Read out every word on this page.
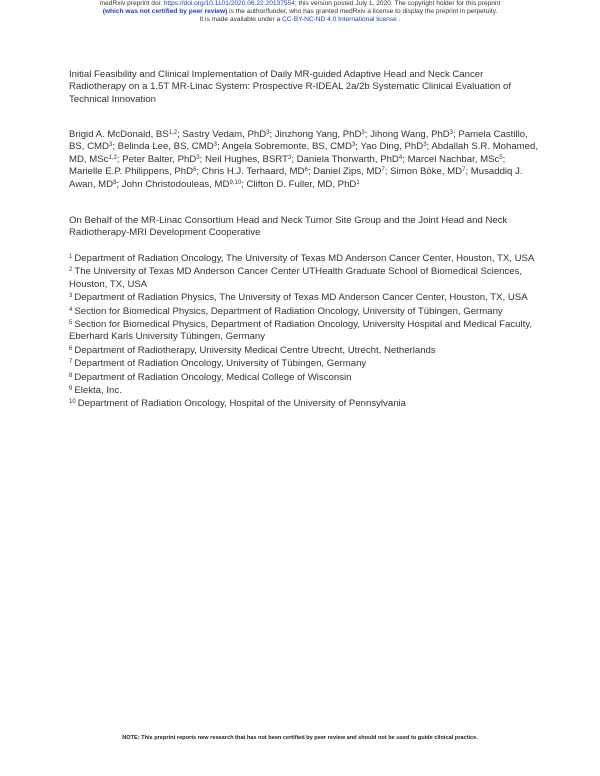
medRxiv preprint doi: https://doi.org/10.1101/2020.06.22.20137554; this version posted July 1, 2020. The copyright holder for this preprint
(which was not certified by peer review) is the author/funder, who has granted medRxiv a license to display the preprint in perpetuity.
It is made available under a CC-BY-NC-ND 4.0 International license .
Initial Feasibility and Clinical Implementation of Daily MR-guided Adaptive Head and Neck Cancer Radiotherapy on a 1.5T MR-Linac System: Prospective R-IDEAL 2a/2b Systematic Clinical Evaluation of Technical Innovation
Brigid A. McDonald, BS$^{1,2}$; Sastry Vedam, PhD$^3$; Jinzhong Yang, PhD$^3$; Jihong Wang, PhD$^3$; Pamela Castillo, BS, CMD$^3$; Belinda Lee, BS, CMD$^3$; Angela Sobremonte, BS, CMD$^3$; Yao Ding, PhD$^3$; Abdallah S.R. Mohamed, MD, MSc$^{1,2}$; Peter Balter, PhD$^3$; Neil Hughes, BSRT$^3$; Daniela Thorwarth, PhD$^4$; Marcel Nachbar, MSc$^5$; Marielle E.P. Philippens, PhD$^6$; Chris H.J. Terhaard, $MD^6$; Daniel Zips, $MD^7$; Simon Böke, $MD^7$; Musaddiq J. Awan, $MD^8$; John Christodouleas, MD$^{9,10}$; Clifton D. Fuller, MD, PhD$^1$
On Behalf of the MR-Linac Consortium Head and Neck Tumor Site Group and the Joint Head and Neck Radiotherapy-MRI Development Cooperative
$^1$ Department of Radiation Oncology, The University of Texas MD Anderson Cancer Center, Houston, TX, USA
$^2$ The University of Texas MD Anderson Cancer Center UTHealth Graduate School of Biomedical Sciences, Houston, TX, USA
$^3$ Department of Radiation Physics, The University of Texas MD Anderson Cancer Center, Houston, TX, USA
$^4$ Section for Biomedical Physics, Department of Radiation Oncology, University of Tübingen, Germany
$^5$ Section for Biomedical Physics, Department of Radiation Oncology, University Hospital and Medical Faculty, Eberhard Karls University Tübingen, Germany
$^6$ Department of Radiotherapy, University Medical Centre Utrecht, Utrecht, Netherlands
$^7$ Department of Radiation Oncology, University of Tübingen, Germany
$^8$ Department of Radiation Oncology, Medical College of Wisconsin
$^9$ Elekta, Inc.
$^{10}$ Department of Radiation Oncology, Hospital of the University of Pennsylvania
NOTE: This preprint reports new research that has not been certified by peer review and should not be used to guide clinical practice.
